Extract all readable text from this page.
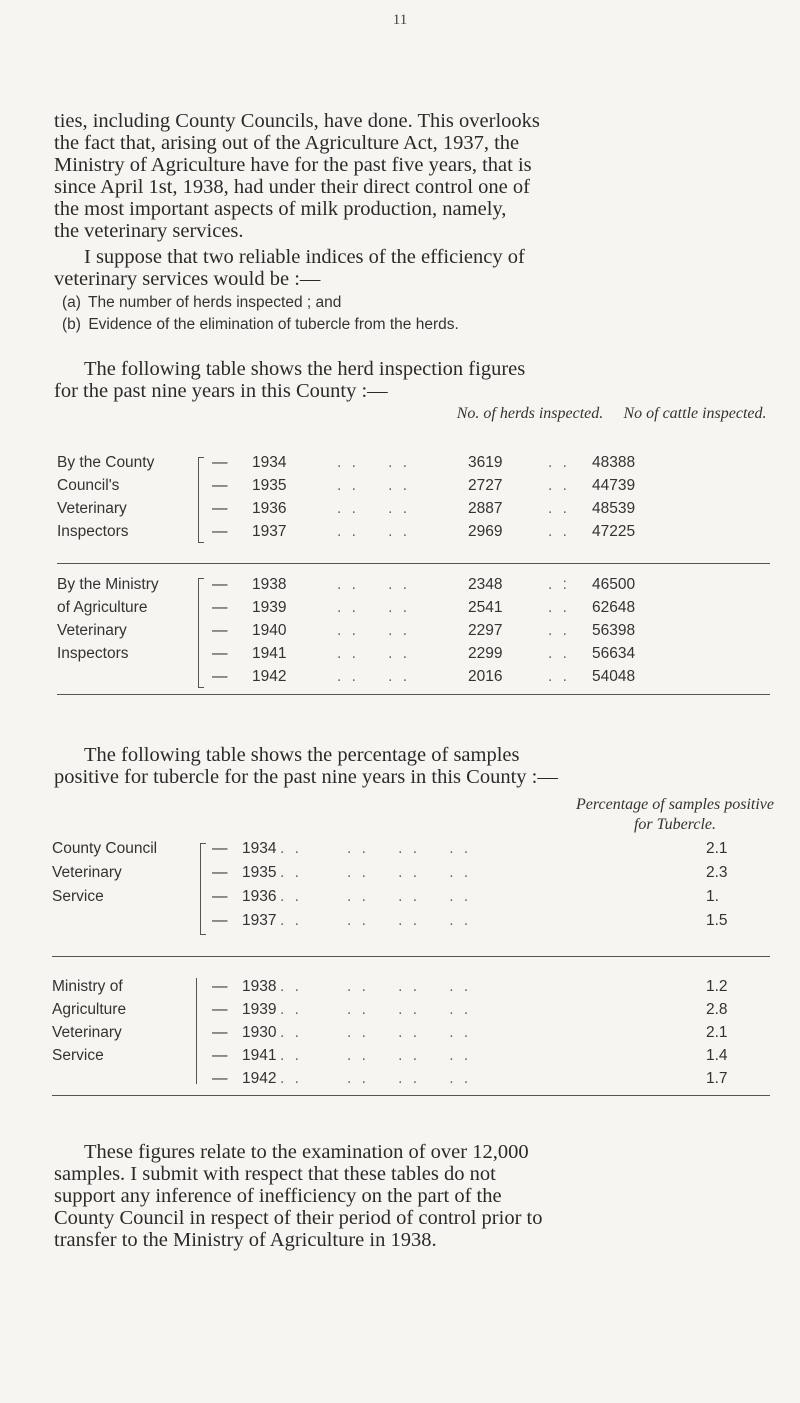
11
ties, including County Councils, have done. This overlooks
the fact that, arising out of the Agriculture Act, 1937, the
Ministry of Agriculture have for the past five years, that is
since April 1st, 1938, had under their direct control one of
the most important aspects of milk production, namely,
the veterinary services.
I suppose that two reliable indices of the efficiency of
veterinary services would be :—
(a) The number of herds inspected ; and
(b) Evidence of the elimination of tubercle from the herds.
The following table shows the herd inspection figures
for the past nine years in this County :—
No. of herds inspected. No of cattle inspected.
By the County
Council's
Veterinary
Inspectors
— 1934	. .    . .	3619	. . 48388
— 1935	. .    . .	2727	. . 44739
— 1936	. .    . .	2887	. . 48539
— 1937	. .    . .	2969	. . 47225
By the Ministry
of Agriculture
Veterinary
Inspectors
— 1938	. .    . .	2348	. : 46500
— 1939	. .    . .	2541	. . 62648
— 1940	. .    . .	2297	. . 56398
— 1941	. .    . .	2299	. . 56634
— 1942	. .    . .	2016	. . 54048
The following table shows the percentage of samples
positive for tubercle for the past nine years in this County :—
Percentage of samples positive for Tubercle.
County Council
Veterinary
Service
— 1934 . .	. .    . .    . .	2.1
— 1935 . .	. .    . .    . .	2.3
— 1936 . .	. .    . .    . .	1.
— 1937 . .	. .    . .    . .	1.5
Ministry of
Agriculture
Veterinary
Service
— 1938 . .	. .    . .    . .	1.2
— 1939 . .	. .    . .    . .	2.8
— 1930 . .	. .    . .    . .	2.1
— 1941 . .	. .    . .    . .	1.4
— 1942 . .	. .    . .    . .	1.7
These figures relate to the examination of over 12,000
samples. I submit with respect that these tables do not
support any inference of inefficiency on the part of the
County Council in respect of their period of control prior to
transfer to the Ministry of Agriculture in 1938.
